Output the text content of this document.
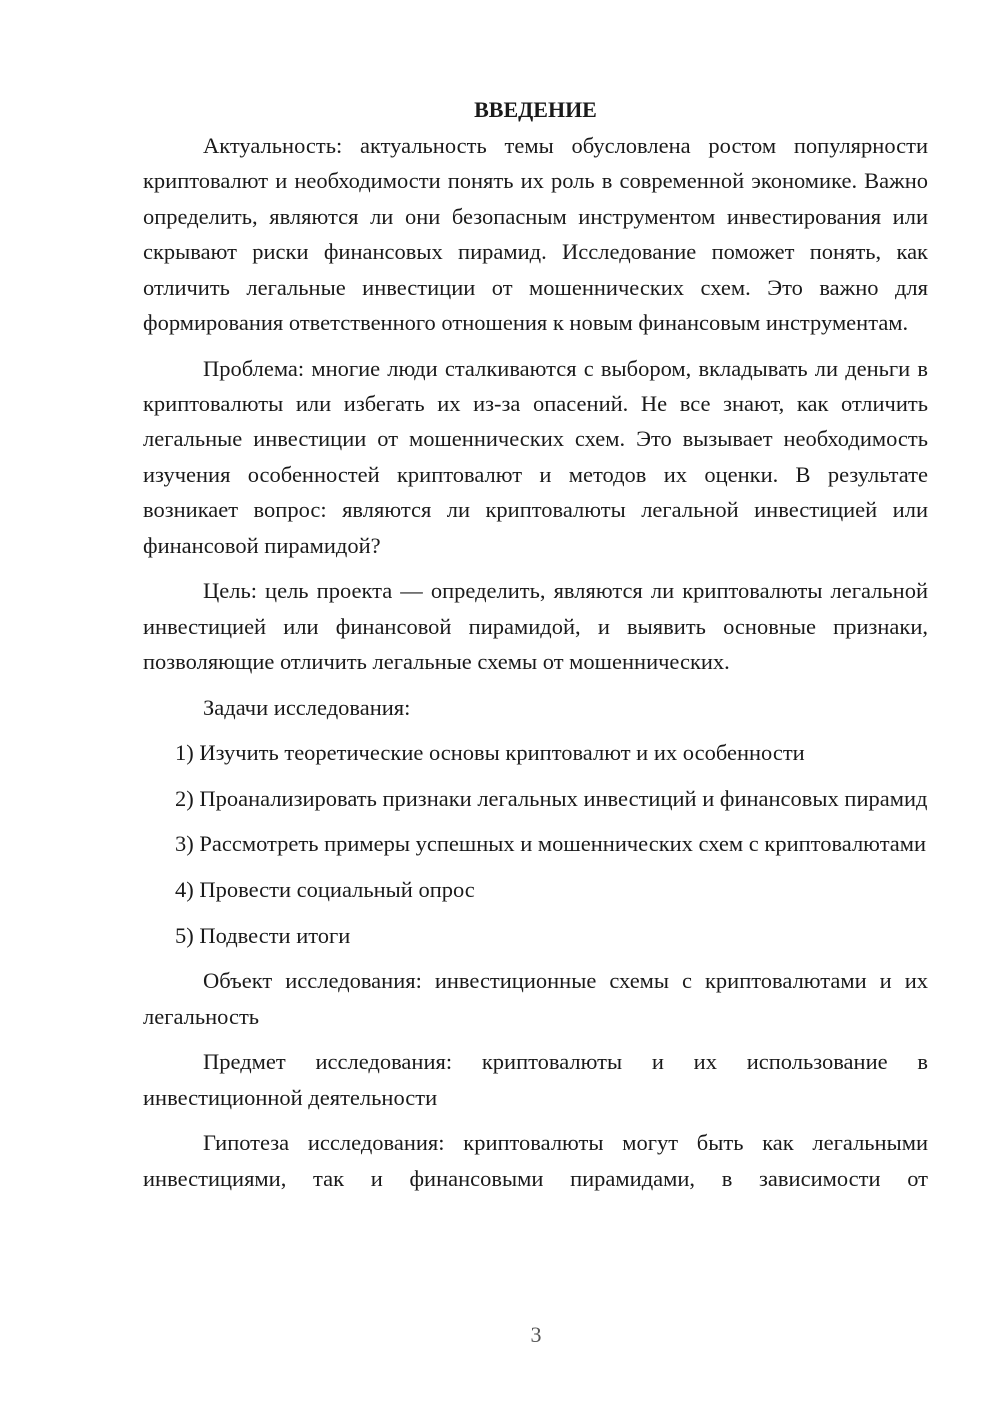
ВВЕДЕНИЕ

Актуальность: актуальность темы обусловлена ростом популярности криптовалют и необходимости понять их роль в современной экономике. Важно определить, являются ли они безопасным инструментом инвестирования или скрывают риски финансовых пирамид. Исследование поможет понять, как отличить легальные инвестиции от мошеннических схем. Это важно для формирования ответственного отношения к новым финансовым инструментам.

Проблема: многие люди сталкиваются с выбором, вкладывать ли деньги в криптовалюты или избегать их из-за опасений. Не все знают, как отличить легальные инвестиции от мошеннических схем. Это вызывает необходимость изучения особенностей криптовалют и методов их оценки. В результате возникает вопрос: являются ли криптовалюты легальной инвестицией или финансовой пирамидой?

Цель: цель проекта — определить, являются ли криптовалюты легальной инвестицией или финансовой пирамидой, и выявить основные признаки, позволяющие отличить легальные схемы от мошеннических.

Задачи исследования:

1) Изучить теоретические основы криптовалют и их особенности

2) Проанализировать признаки легальных инвестиций и финансовых пирамид

3) Рассмотреть примеры успешных и мошеннических схем с криптовалютами

4) Провести социальный опрос

5) Подвести итоги

Объект исследования: инвестиционные схемы с криптовалютами и их легальность

Предмет исследования: криптовалюты и их использование в инвестиционной деятельности

Гипотеза исследования: криптовалюты могут быть как легальными инвестициями, так и финансовыми пирамидами, в зависимости от

3
